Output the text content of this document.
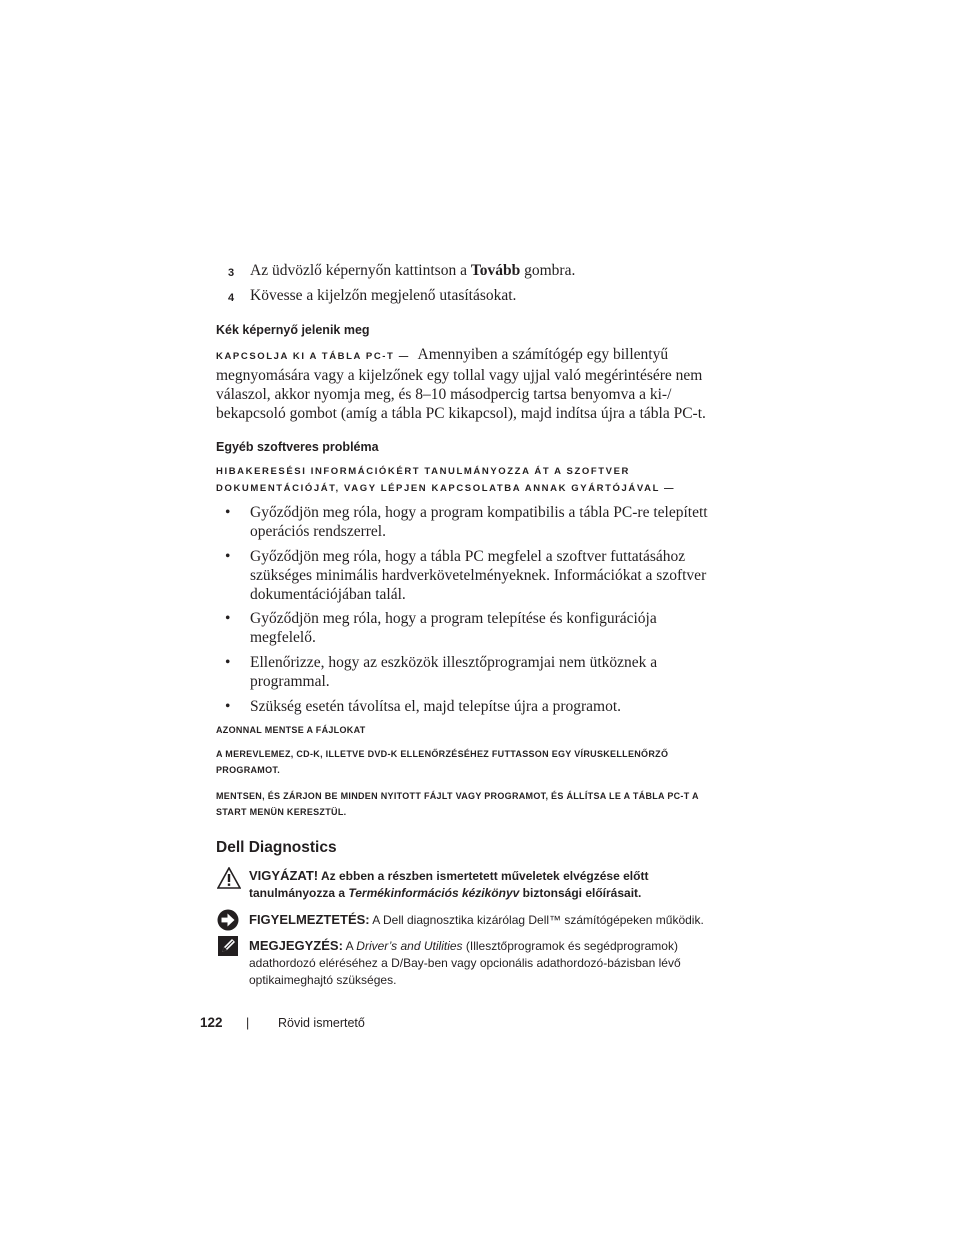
3 Az üdvözlő képernyőn kattintson a Tovább gombra.
4 Kövesse a kijelzőn megjelenő utasításokat.
Kék képernyő jelenik meg
KAPCSOLJA KI A TÁBLA PC-T — Amennyiben a számítógép egy billentyű
megnyomására vagy a kijelzőnek egy tollal vagy ujjal való megérintésére nem
válaszol, akkor nyomja meg, és 8–10 másodpercig tartsa benyomva a ki-/
bekapcsoló gombot (amíg a tábla PC kikapcsol), majd indítsa újra a tábla PC-t.
Egyéb szoftveres probléma
HIBAKERESÉSI INFORMÁCIÓKÉRT TANULMÁNYOZZA ÁT A SZOFTVER
DOKUMENTÁCIÓJÁT, VAGY LÉPJEN KAPCSOLATBA ANNAK GYÁRTÓJÁVAL —
• Győződjön meg róla, hogy a program kompatibilis a tábla PC-re telepített
operációs rendszerrel.
• Győződjön meg róla, hogy a tábla PC megfelel a szoftver futtatásához
szükséges minimális hardverkövetelményeknek. Információkat a szoftver
dokumentációjában talál.
• Győződjön meg róla, hogy a program telepítése és konfigurációja
megfelelő.
• Ellenőrizze, hogy az eszközök illesztőprogramjai nem ütköznek a
programmal.
• Szükség esetén távolítsa el, majd telepítse újra a programot.
AZONNAL MENTSE A FÁJLOKAT
A MEREVLEMEZ, CD-K, ILLETVE DVD-K ELLENŐRZÉSÉHEZ FUTTASSON EGY VÍRUSKELLENŐRZŐ
PROGRAMOT.
MENTSEN, ÉS ZÁRJON BE MINDEN NYITOTT FÁJLT VAGY PROGRAMOT, ÉS ÁLLÍTSA LE A TÁBLA PC-T A
START MENÜN KERESZTÜL.
Dell Diagnostics
VIGYÁZAT! Az ebben a részben ismertetett műveletek elvégzése előtt
tanulmányozza a Termékinformációs kézikönyv biztonsági előírásait.
FIGYELMEZTETÉS: A Dell diagnosztika kizárólag Dell™ számítógépeken működik.
MEGJEGYZÉS: A Driver’s and Utilities (Illesztőprogramok és segédprogramok)
adathordozó eléréséhez a D/Bay-ben vagy opcionális adathordozó-bázisban lévő
optikaimeghajtó szükséges.
122 | Rövid ismertető
